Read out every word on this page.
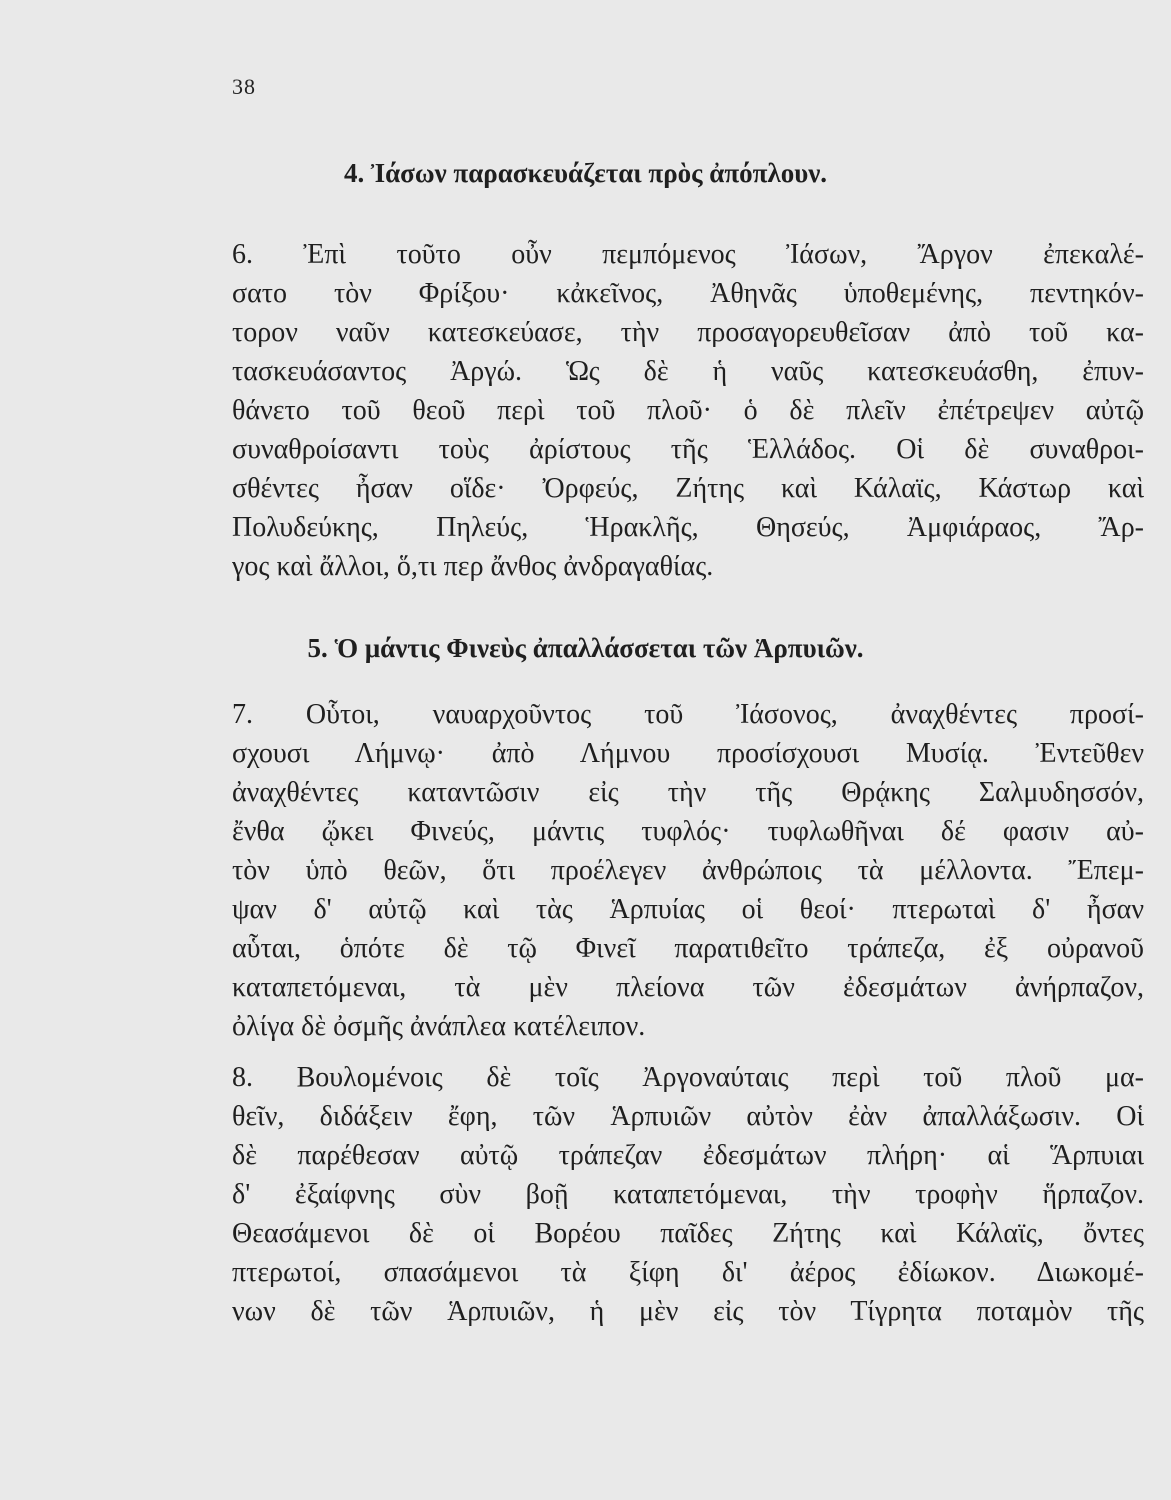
38
4. Ἰάσων παρασκευάζεται πρὸς ἀπόπλουν.
6. Ἐπὶ τοῦτο οὖν πεμπόμενος Ἰάσων, Ἄργον ἐπεκαλέ-
σατο τὸν Φρίξου· κἀκεῖνος, Ἀθηνᾶς ὑποθεμένης, πεντηκόν-
τορον ναῦν κατεσκεύασε, τὴν προσαγορευθεῖσαν ἀπὸ τοῦ κα-
τασκευάσαντος Ἀργώ. Ὡς δὲ ἡ ναῦς κατεσκευάσθη, ἐπυν-
θάνετο τοῦ θεοῦ περὶ τοῦ πλοῦ· ὁ δὲ πλεῖν ἐπέτρεψεν αὐτῷ
συναθροίσαντι τοὺς ἀρίστους τῆς Ἑλλάδος. Οἱ δὲ συναθροι-
σθέντες ἦσαν οἵδε· Ὀρφεύς, Ζήτης καὶ Κάλαϊς, Κάστωρ καὶ
Πολυδεύκης, Πηλεύς, Ἡρακλῆς, Θησεύς, Ἀμφιάραος, Ἄρ-
γος καὶ ἄλλοι, ὅ,τι περ ἄνθος ἀνδραγαθίας.
5. Ὁ μάντις Φινεὺς ἀπαλλάσσεται τῶν Ἁρπυιῶν.
7. Οὗτοι, ναυαρχοῦντος τοῦ Ἰάσονος, ἀναχθέντες προσί-
σχουσι Λήμνῳ· ἀπὸ Λήμνου προσίσχουσι Μυσίᾳ. Ἐντεῦθεν
ἀναχθέντες καταντῶσιν εἰς τὴν τῆς Θρᾴκης Σαλμυδησσόν,
ἔνθα ᾤκει Φινεύς, μάντις τυφλός· τυφλωθῆναι δέ φασιν αὐ-
τὸν ὑπὸ θεῶν, ὅτι προέλεγεν ἀνθρώποις τὰ μέλλοντα. Ἔπεμ-
ψαν δ' αὐτῷ καὶ τὰς Ἁρπυίας οἱ θεοί· πτερωταὶ δ' ἦσαν
αὗται, ὁπότε δὲ τῷ Φινεῖ παρατιθεῖτο τράπεζα, ἐξ οὐρανοῦ
καταπετόμεναι, τὰ μὲν πλείονα τῶν ἐδεσμάτων ἀνήρπαζον,
ὀλίγα δὲ ὀσμῆς ἀνάπλεα κατέλειπον.
8. Βουλομένοις δὲ τοῖς Ἀργοναύταις περὶ τοῦ πλοῦ μα-
θεῖν, διδάξειν ἔφη, τῶν Ἁρπυιῶν αὐτὸν ἐὰν ἀπαλλάξωσιν. Οἱ
δὲ παρέθεσαν αὐτῷ τράπεζαν ἐδεσμάτων πλήρη· αἱ Ἅρπυιαι
δ' ἐξαίφνης σὺν βοῇ καταπετόμεναι, τὴν τροφὴν ἥρπαζον.
Θεασάμενοι δὲ οἱ Βορέου παῖδες Ζήτης καὶ Κάλαϊς, ὄντες
πτερωτοί, σπασάμενοι τὰ ξίφη δι' ἀέρος ἐδίωκον. Διωκομέ-
νων δὲ τῶν Ἁρπυιῶν, ἡ μὲν εἰς τὸν Τίγρητα ποταμὸν τῆς
